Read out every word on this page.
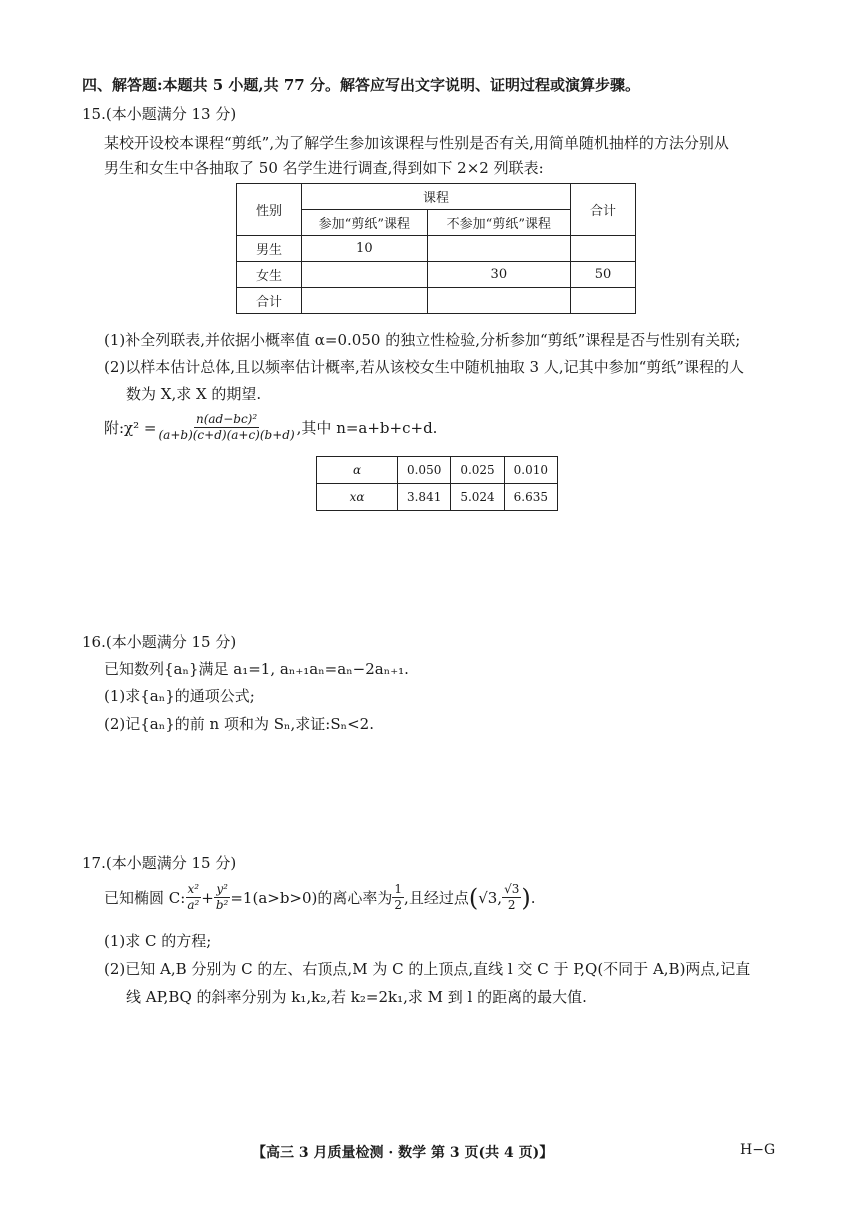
四、解答题:本题共 5 小题,共 77 分。解答应写出文字说明、证明过程或演算步骤。
15.(本小题满分 13 分)
某校开设校本课程“剪纸”,为了解学生参加该课程与性别是否有关,用简单随机抽样的方法分别从
男生和女生中各抽取了 50 名学生进行调查,得到如下 2×2 列联表:
性别	课程		合计
	参加“剪纸”课程	不参加“剪纸”课程	
男生	10		
女生		30	50
合计			
(1)补全列联表,并依据小概率值 α=0.050 的独立性检验,分析参加“剪纸”课程是否与性别有关联;
(2)以样本估计总体,且以频率估计概率,若从该校女生中随机抽取 3 人,记其中参加“剪纸”课程的人
数为 X,求 X 的期望.
附:χ² = $\frac{\text{n(ad−bc)²}}{(a+b)(c+d)(a+c)(b+d)}$ ,其中 n=a+b+c+d.
α	0.050	0.025	0.010
xα	3.841	5.024	6.635
16.(本小题满分 15 分)
已知数列{aₙ}满足 a₁=1, aₙ₊₁aₙ=aₙ−2aₙ₊₁.
(1)求{aₙ}的通项公式;
(2)记{aₙ}的前 n 项和为 Sₙ,求证:Sₙ<2.
17.(本小题满分 15 分)
已知椭圆 C: $\frac{\text{x²}}{\text{a²}} + \frac{\text{y²}}{\text{b²}} =1(a>b>0)$的离心率为 $\frac{1}{2}$ ,且经过点 ( √3, $\frac{√3}{2}$ ) .
(1)求 C 的方程;
(2)已知 A,B 分别为 C 的左、右顶点,M 为 C 的上顶点,直线 l 交 C 于 P,Q(不同于 A,B)两点,记直
线 AP,BQ 的斜率分别为 k₁,k₂,若 k₂=2k₁,求 M 到 l 的距离的最大值.
【高三 3 月质量检测 · 数学 第 3 页(共 4 页)】	H−G
